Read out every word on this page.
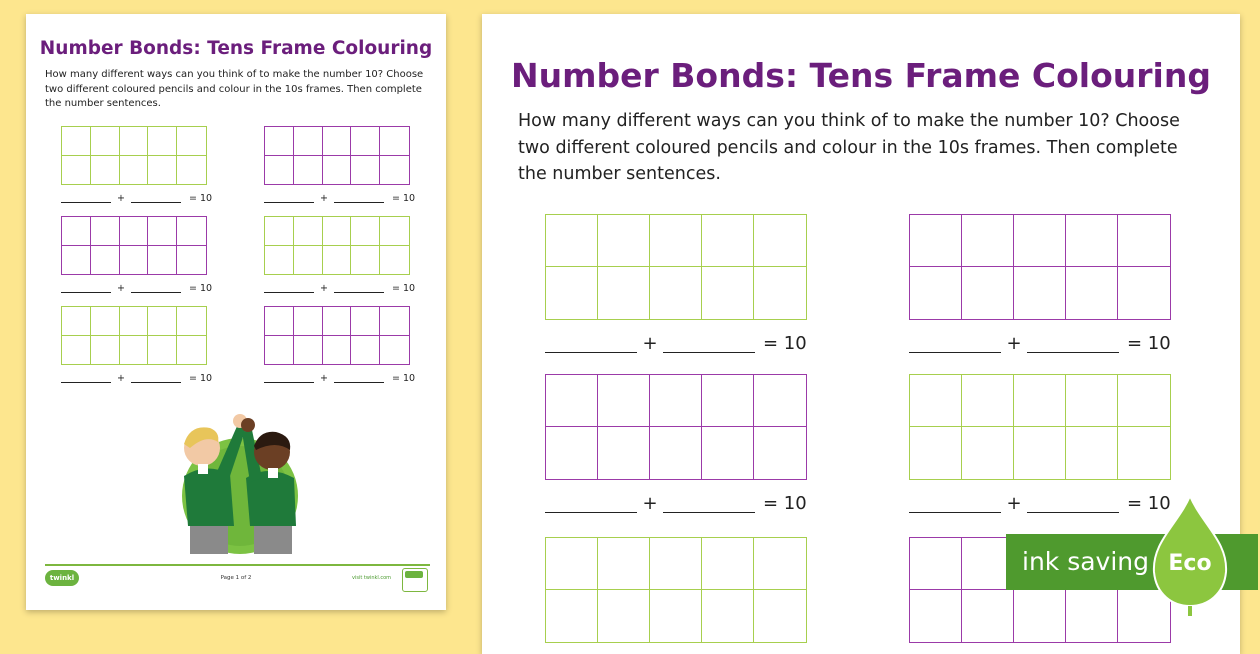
Number Bonds: Tens Frame Colouring

How many different ways can you think of to make the number 10? Choose two different coloured pencils and colour in the 10s frames. Then complete the number sentences.

+	= 10	+	= 10
+	= 10	+	= 10
+	= 10	+	= 10
twinkl	Page 1 of 2	visit twinkl.com
Number Bonds: Tens Frame Colouring

How many different ways can you think of to make the number 10? Choose two different coloured pencils and colour in the 10s frames. Then complete the number sentences.

+	= 10	+	= 10
+	= 10	+	= 10
ink saving Eco
